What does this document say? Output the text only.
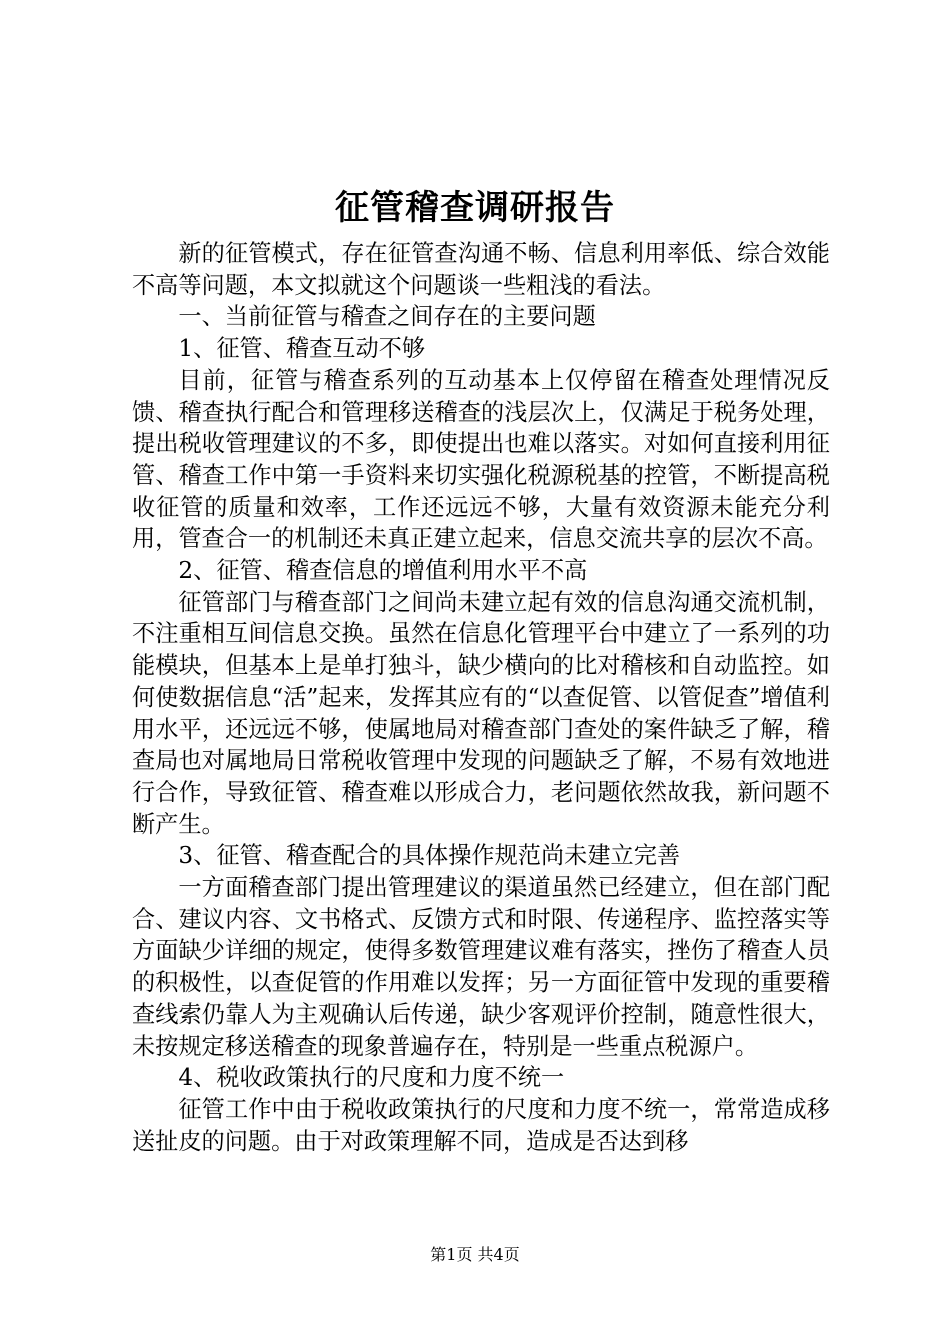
征管稽查调研报告

新的征管模式，存在征管查沟通不畅、信息利用率低、综合效能不高等问题，本文拟就这个问题谈一些粗浅的看法。

一、当前征管与稽查之间存在的主要问题

1、征管、稽查互动不够

目前，征管与稽查系列的互动基本上仅停留在稽查处理情况反馈、稽查执行配合和管理移送稽查的浅层次上，仅满足于税务处理，提出税收管理建议的不多，即使提出也难以落实。对如何直接利用征管、稽查工作中第一手资料来切实强化税源税基的控管，不断提高税收征管的质量和效率，工作还远远不够，大量有效资源未能充分利用，管查合一的机制还未真正建立起来，信息交流共享的层次不高。

2、征管、稽查信息的增值利用水平不高

征管部门与稽查部门之间尚未建立起有效的信息沟通交流机制，不注重相互间信息交换。虽然在信息化管理平台中建立了一系列的功能模块，但基本上是单打独斗，缺少横向的比对稽核和自动监控。如何使数据信息“活”起来，发挥其应有的“以查促管、以管促查”增值利用水平，还远远不够，使属地局对稽查部门查处的案件缺乏了解，稽查局也对属地局日常税收管理中发现的问题缺乏了解，不易有效地进行合作，导致征管、稽查难以形成合力，老问题依然故我，新问题不断产生。

3、征管、稽查配合的具体操作规范尚未建立完善

一方面稽查部门提出管理建议的渠道虽然已经建立，但在部门配合、建议内容、文书格式、反馈方式和时限、传递程序、监控落实等方面缺少详细的规定，使得多数管理建议难有落实，挫伤了稽查人员的积极性，以查促管的作用难以发挥；另一方面征管中发现的重要稽查线索仍靠人为主观确认后传递，缺少客观评价控制，随意性很大，未按规定移送稽查的现象普遍存在，特别是一些重点税源户。

4、税收政策执行的尺度和力度不统一

征管工作中由于税收政策执行的尺度和力度不统一，常常造成移送扯皮的问题。由于对政策理解不同，造成是否达到移

第1页 共4页
